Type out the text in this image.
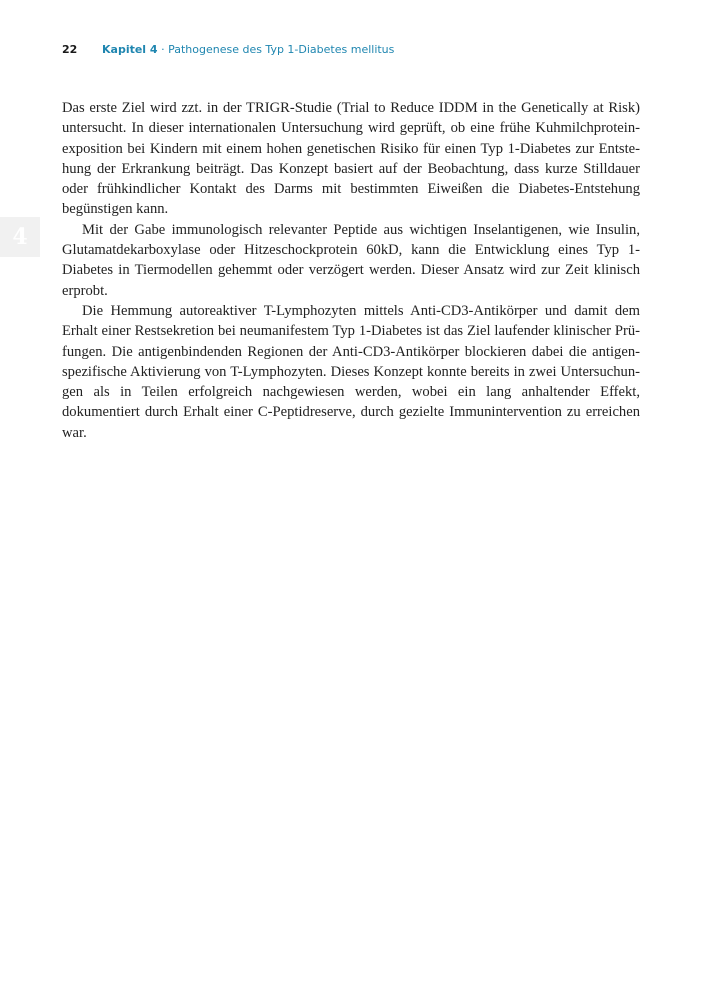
22 Kapitel 4 · Pathogenese des Typ 1-Diabetes mellitus
4

Das erste Ziel wird zzt. in der TRIGR-Studie (Trial to Reduce IDDM in the Genetically at Risk) untersucht. In dieser internationalen Untersuchung wird geprüft, ob eine frühe Kuhmilchproteinexposition bei Kindern mit einem hohen genetischen Risiko für einen Typ 1-Diabetes zur Entstehung der Erkrankung beiträgt. Das Konzept basiert auf der Beobachtung, dass kurze Stilldauer oder frühkindlicher Kontakt des Darms mit bestimmten Eiweißen die Diabetes-Entstehung begünstigen kann.

Mit der Gabe immunologisch relevanter Peptide aus wichtigen Inselantigenen, wie Insulin, Glutamatdekarboxylase oder Hitzeschockprotein 60kD, kann die Entwicklung eines Typ 1-Diabetes in Tiermodellen gehemmt oder verzögert werden. Dieser Ansatz wird zur Zeit klinisch erprobt.

Die Hemmung autoreaktiver T-Lymphozyten mittels Anti-CD3-Antikörper und damit dem Erhalt einer Restsekretion bei neumanifestem Typ 1-Diabetes ist das Ziel laufender klinischer Prüfungen. Die antigenbindenden Regionen der Anti-CD3-Antikörper blockieren dabei die antigenspezifische Aktivierung von T-Lymphozyten. Dieses Konzept konnte bereits in zwei Untersuchungen als in Teilen erfolgreich nachgewiesen werden, wobei ein lang anhaltender Effekt, dokumentiert durch Erhalt einer C-Peptidreserve, durch gezielte Immunintervention zu erreichen war.
